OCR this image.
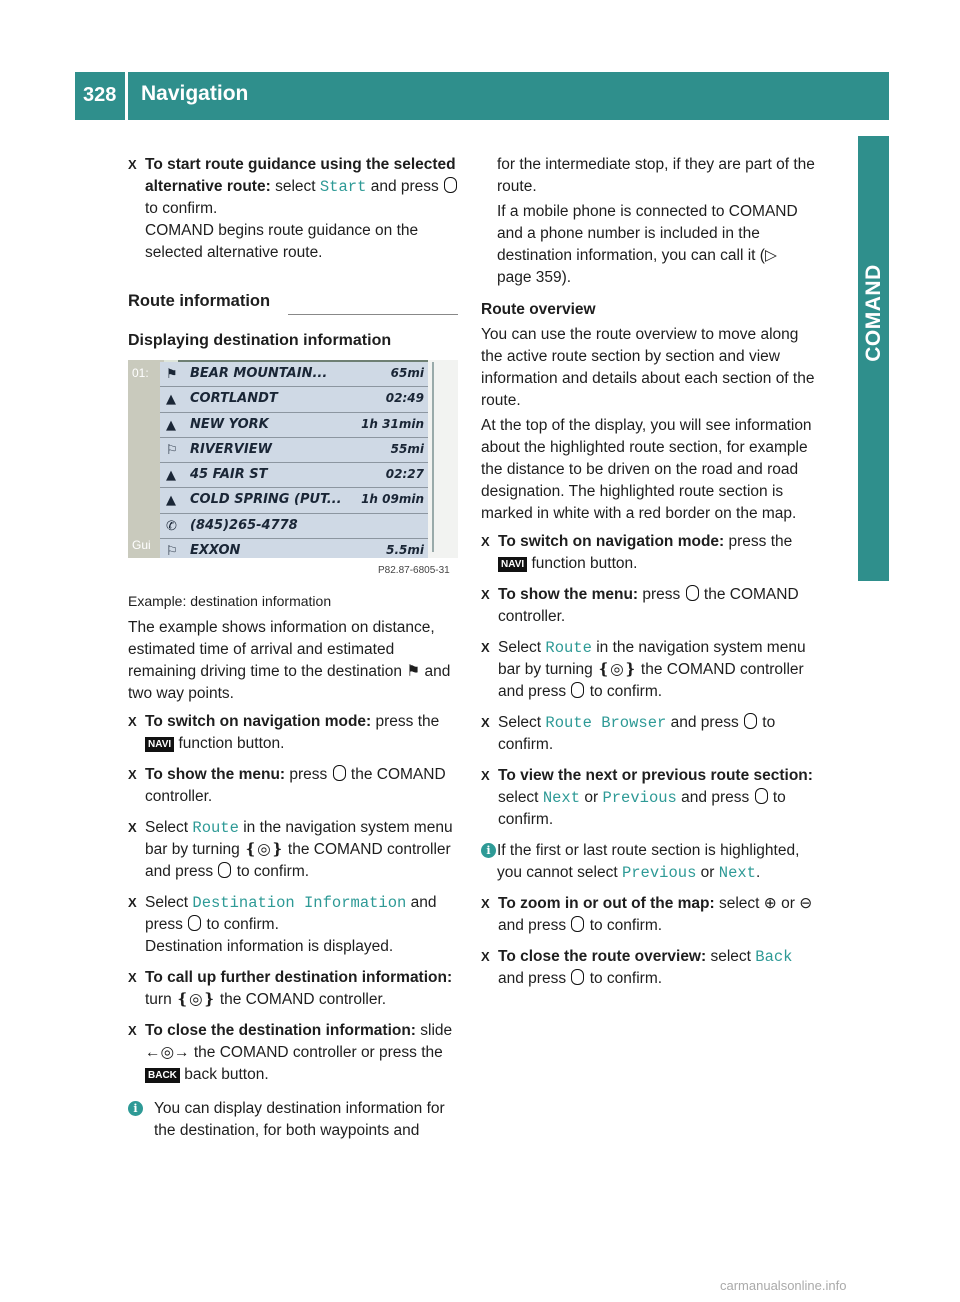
328 Navigation
COMAND
X To start route guidance using the selected alternative route: select Start and press  to confirm.

COMAND begins route guidance on the selected alternative route.

Route information
Displaying destination information
01: ⚑ BEAR MOUNTAIN...	65mi
▲ CORTLANDT	02:49
▲ NEW YORK	1h 31min
⚐ RIVERVIEW	55mi
▲ 45 FAIR ST	02:27
▲ COLD SPRING (PUT... 1h 09min
✆ (845)265-4778
⚐ EXXON	5.5mi
Gui
P82.87-6805-31

Example: destination information

The example shows information on distance, estimated time of arrival and estimated remaining driving time to the destination ⚑ and two way points.

X To switch on navigation mode: press the NAVI function button.

X To show the menu: press  the COMAND controller.

X Select Route in the navigation system menu bar by turning ❴◎❵ the COMAND controller and press  to confirm.

X Select Destination Information and press  to confirm.

Destination information is displayed.

X To call up further destination information: turn ❴◎❵ the COMAND controller.

X To close the destination information: slide ←◎→ the COMAND controller or press the BACK back button.

i	You can display destination information for the destination, for both waypoints and

for the intermediate stop, if they are part of the route.

If a mobile phone is connected to COMAND and a phone number is included in the destination information, you can call it (▷ page 359).

Route overview

You can use the route overview to move along the active route section by section and view information and details about each section of the route.

At the top of the display, you will see information about the highlighted route section, for example the distance to be driven on the road and road designation. The highlighted route section is marked in white with a red border on the map.

X To switch on navigation mode: press the NAVI function button.

X To show the menu: press  the COMAND controller.

X Select Route in the navigation system menu bar by turning ❴◎❵ the COMAND controller and press  to confirm.

X Select Route Browser and press  to confirm.

X To view the next or previous route section: select Next or Previous and press  to confirm.

i If the first or last route section is highlighted, you cannot select Previous or Next.

X To zoom in or out of the map: select ⊕ or ⊖ and press  to confirm.

X To close the route overview: select Back and press  to confirm.

carmanualsonline.info
